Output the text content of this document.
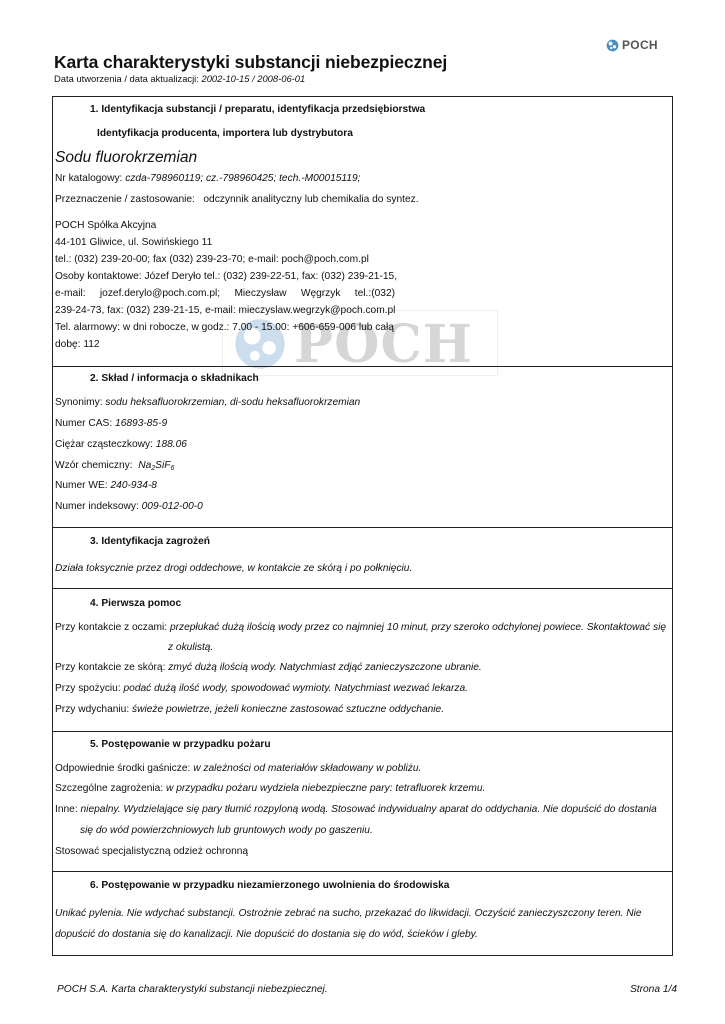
POCH
Karta charakterystyki substancji niebezpiecznej
Data utworzenia / data aktualizacji: 2002-10-15 / 2008-06-01
POCH
1. Identyfikacja substancji / preparatu, identyfikacja przedsiębiorstwa
Identyfikacja producenta, importera lub dystrybutora
Sodu fluorokrzemian
Nr katalogowy: czda-798960119; cz.-798960425; tech.-M00015119;
Przeznaczenie / zastosowanie: odczynnik analityczny lub chemikalia do syntez.
POCH Spółka Akcyjna
44-101 Gliwice, ul. Sowińskiego 11
tel.: (032) 239-20-00; fax (032) 239-23-70; e-mail: poch@poch.com.pl
Osoby kontaktowe: Józef Deryło tel.: (032) 239-22-51, fax: (032) 239-21-15,
e-mail: jozef.derylo@poch.com.pl; Mieczysław Węgrzyk tel.:(032)
239-24-73, fax: (032) 239-21-15, e-mail: mieczyslaw.wegrzyk@poch.com.pl
Tel. alarmowy: w dni robocze, w godz.: 7.00 - 15.00: +606-659-006 lub całą
dobę: 112
2. Skład / informacja o składnikach
Synonimy: sodu heksafluorokrzemian, di-sodu heksafluorokrzemian
Numer CAS: 16893-85-9
Ciężar cząsteczkowy: 188.06
Wzór chemiczny: $Na_2SiF_6$
Numer WE: 240-934-8
Numer indeksowy: 009-012-00-0
3. Identyfikacja zagrożeń
Działa toksycznie przez drogi oddechowe, w kontakcie ze skórą i po połknięciu.
4. Pierwsza pomoc
Przy kontakcie z oczami: przepłukać dużą ilością wody przez co najmniej 10 minut, przy szeroko odchylonej powiece. Skontaktować się
z okulistą.
Przy kontakcie ze skórą: zmyć dużą ilością wody. Natychmiast zdjąć zanieczyszczone ubranie.
Przy spożyciu: podać dużą ilość wody, spowodować wymioty. Natychmiast wezwać lekarza.
Przy wdychaniu: świeże powietrze, jeżeli konieczne zastosować sztuczne oddychanie.
5. Postępowanie w przypadku pożaru
Odpowiednie środki gaśnicze: w zależności od materiałów składowany w pobliżu.
Szczególne zagrożenia: w przypadku pożaru wydziela niebezpieczne pary: tetrafluorek krzemu.
Inne: niepalny. Wydzielające się pary tłumić rozpyloną wodą. Stosować indywidualny aparat do oddychania. Nie dopuścić do dostania
się do wód powierzchniowych lub gruntowych wody po gaszeniu.
Stosować specjalistyczną odzież ochronną
6. Postępowanie w przypadku niezamierzonego uwolnienia do środowiska
Unikać pylenia. Nie wdychać substancji. Ostrożnie zebrać na sucho, przekazać do likwidacji. Oczyścić zanieczyszczony teren. Nie
dopuścić do dostania się do kanalizacji. Nie dopuścić do dostania się do wód, ścieków i gleby.
POCH S.A. Karta charakterystyki substancji niebezpiecznej.	Strona 1/4
